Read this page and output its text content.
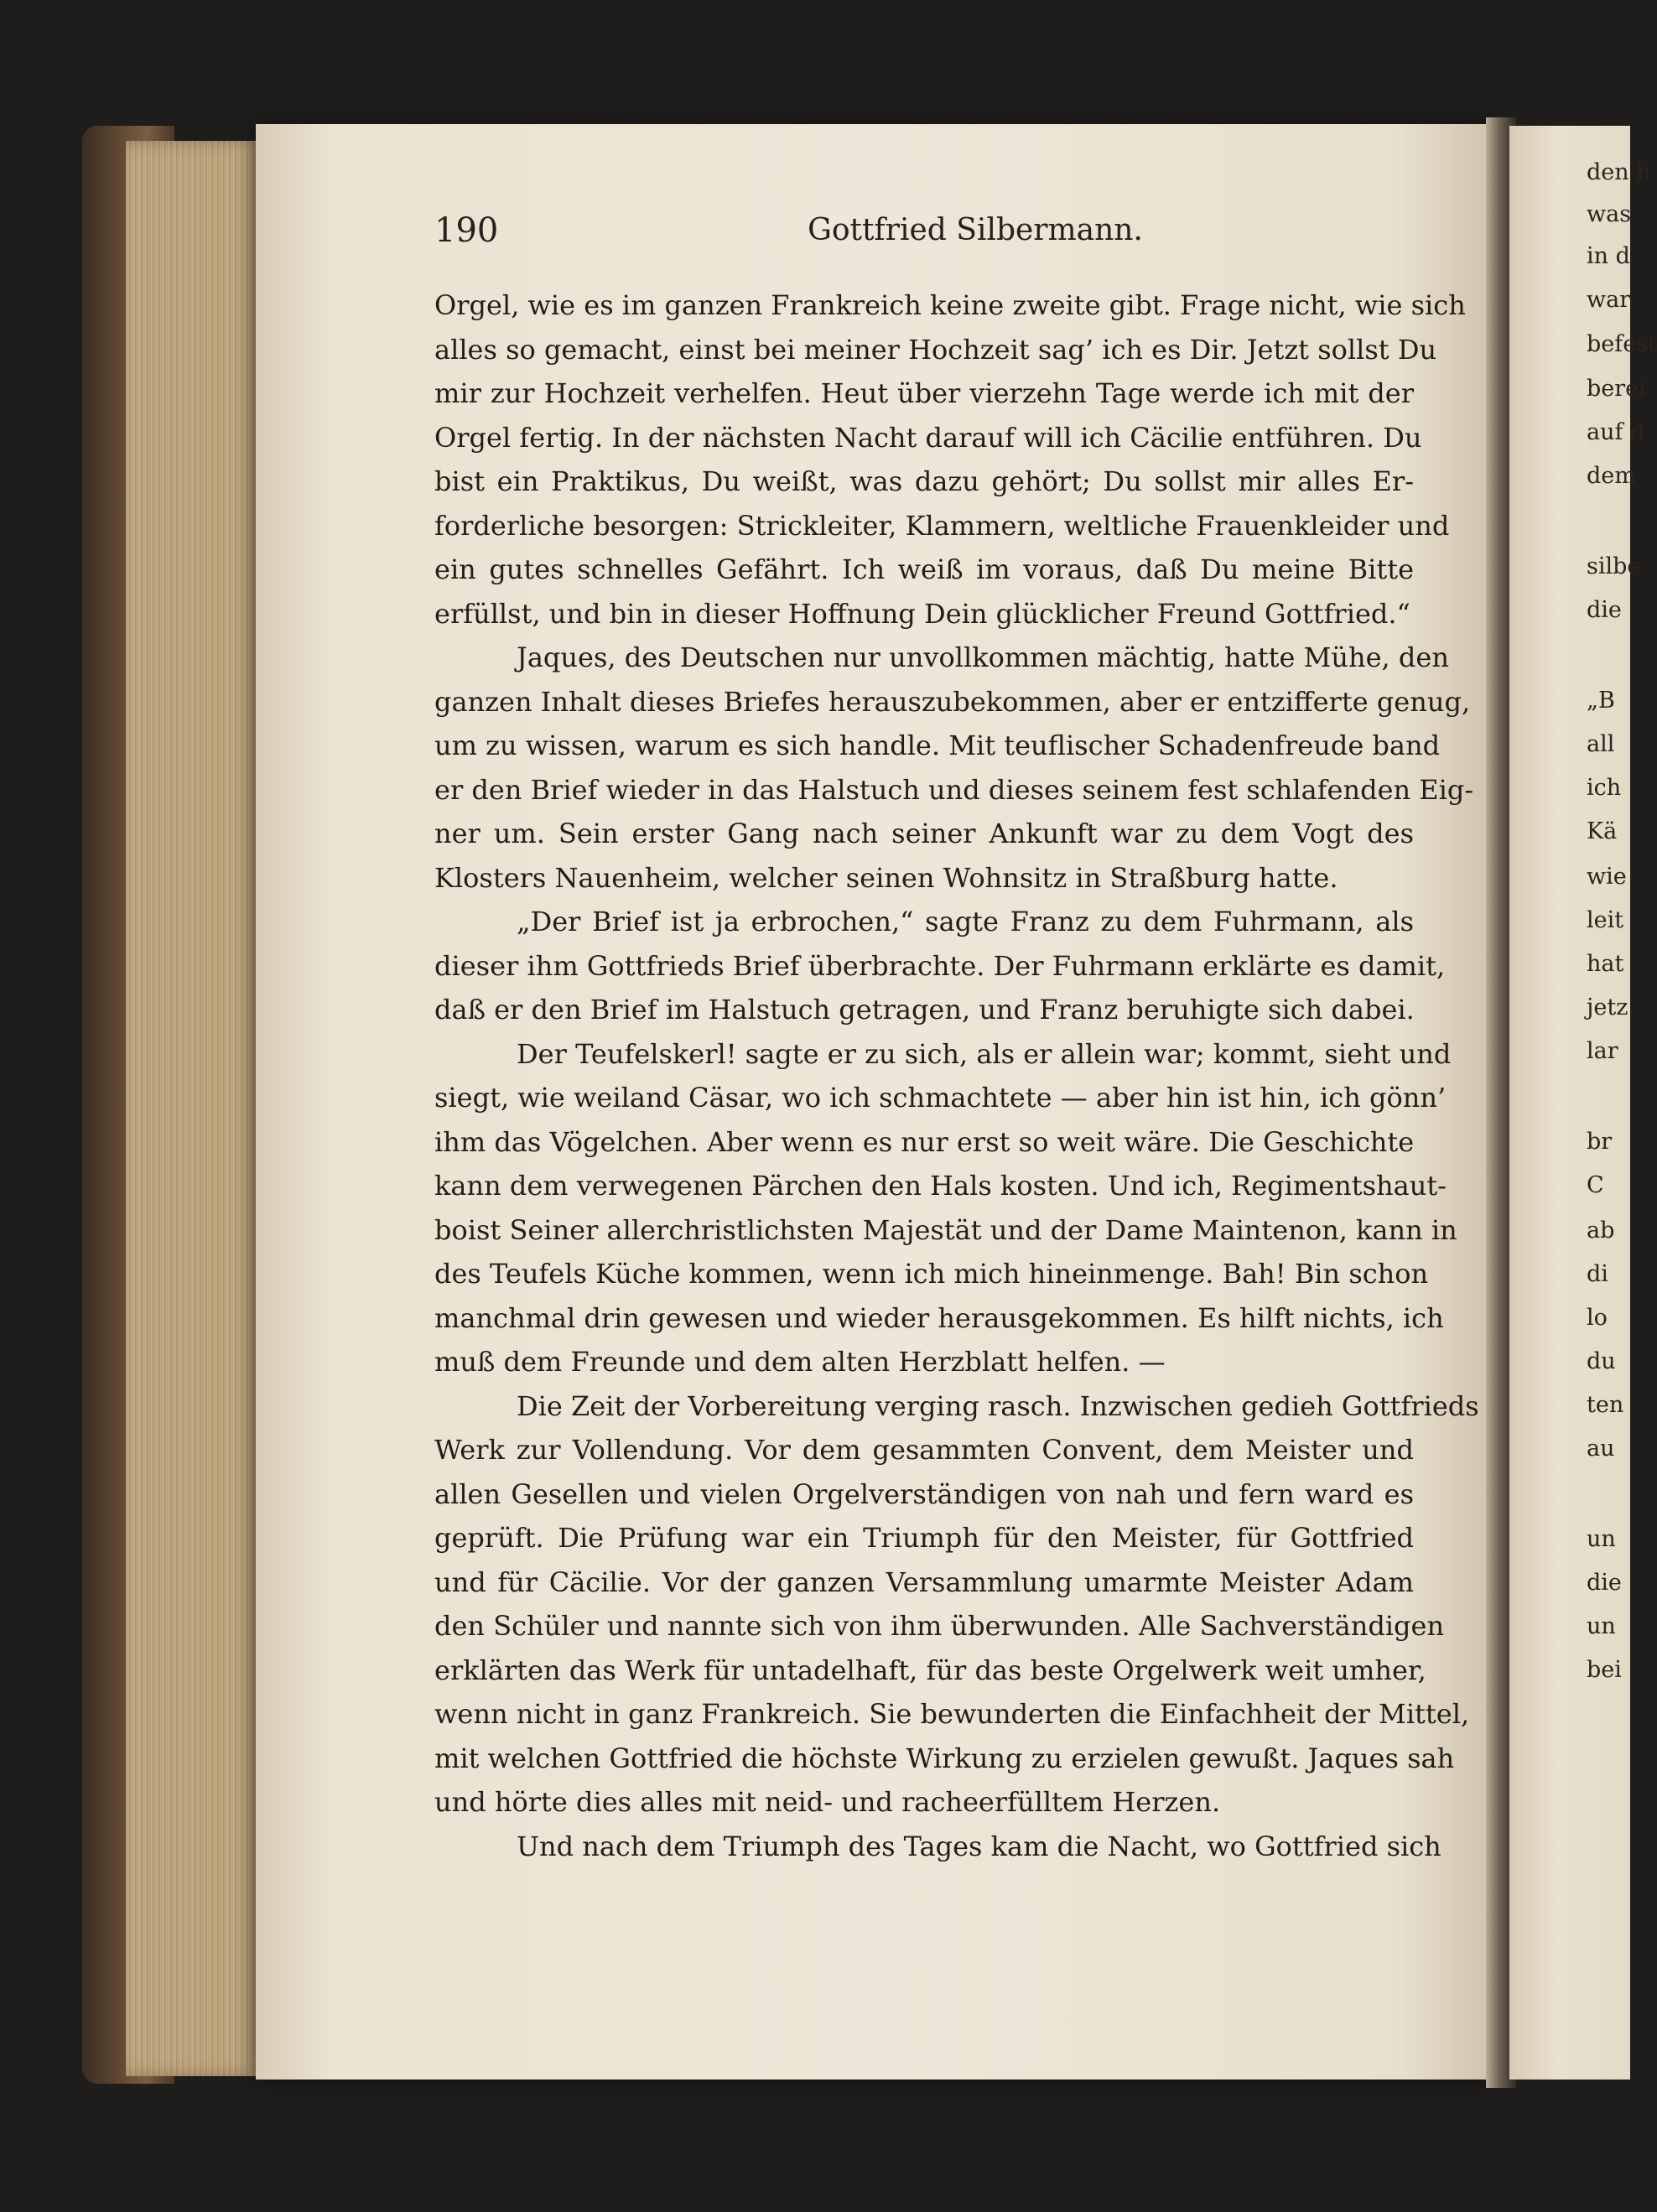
den h
was
in d
war
befest
berei
auf d
dem
silbe
die
„B
all
ich
Kä
wie
leit
hat
jetz
lar
br
C
ab
di
lo
du
ten
au
un
die
un
bei
190	Gottfried Silbermann.
Orgel, wie es im ganzen Frankreich keine zweite gibt. Frage nicht, wie sich
alles so gemacht, einst bei meiner Hochzeit sag’ ich es Dir. Jetzt sollst Du
mir zur Hochzeit verhelfen. Heut über vierzehn Tage werde ich mit der
Orgel fertig. In der nächsten Nacht darauf will ich Cäcilie entführen. Du
bist ein Praktikus, Du weißt, was dazu gehört; Du sollst mir alles Er-
forderliche besorgen: Strickleiter, Klammern, weltliche Frauenkleider und
ein gutes schnelles Gefährt. Ich weiß im voraus, daß Du meine Bitte
erfüllst, und bin in dieser Hoffnung Dein glücklicher Freund Gottfried.“
Jaques, des Deutschen nur unvollkommen mächtig, hatte Mühe, den
ganzen Inhalt dieses Briefes herauszubekommen, aber er entzifferte genug,
um zu wissen, warum es sich handle. Mit teuflischer Schadenfreude band
er den Brief wieder in das Halstuch und dieses seinem fest schlafenden Eig-
ner um. Sein erster Gang nach seiner Ankunft war zu dem Vogt des
Klosters Nauenheim, welcher seinen Wohnsitz in Straßburg hatte.
„Der Brief ist ja erbrochen,“ sagte Franz zu dem Fuhrmann, als
dieser ihm Gottfrieds Brief überbrachte. Der Fuhrmann erklärte es damit,
daß er den Brief im Halstuch getragen, und Franz beruhigte sich dabei.
Der Teufelskerl! sagte er zu sich, als er allein war; kommt, sieht und
siegt, wie weiland Cäsar, wo ich schmachtete — aber hin ist hin, ich gönn’
ihm das Vögelchen. Aber wenn es nur erst so weit wäre. Die Geschichte
kann dem verwegenen Pärchen den Hals kosten. Und ich, Regimentshaut-
boist Seiner allerchristlichsten Majestät und der Dame Maintenon, kann in
des Teufels Küche kommen, wenn ich mich hineinmenge. Bah! Bin schon
manchmal drin gewesen und wieder herausgekommen. Es hilft nichts, ich
muß dem Freunde und dem alten Herzblatt helfen. —
Die Zeit der Vorbereitung verging rasch. Inzwischen gedieh Gottfrieds
Werk zur Vollendung. Vor dem gesammten Convent, dem Meister und
allen Gesellen und vielen Orgelverständigen von nah und fern ward es
geprüft. Die Prüfung war ein Triumph für den Meister, für Gottfried
und für Cäcilie. Vor der ganzen Versammlung umarmte Meister Adam
den Schüler und nannte sich von ihm überwunden. Alle Sachverständigen
erklärten das Werk für untadelhaft, für das beste Orgelwerk weit umher,
wenn nicht in ganz Frankreich. Sie bewunderten die Einfachheit der Mittel,
mit welchen Gottfried die höchste Wirkung zu erzielen gewußt. Jaques sah
und hörte dies alles mit neid- und racheerfülltem Herzen.
Und nach dem Triumph des Tages kam die Nacht, wo Gottfried sich
